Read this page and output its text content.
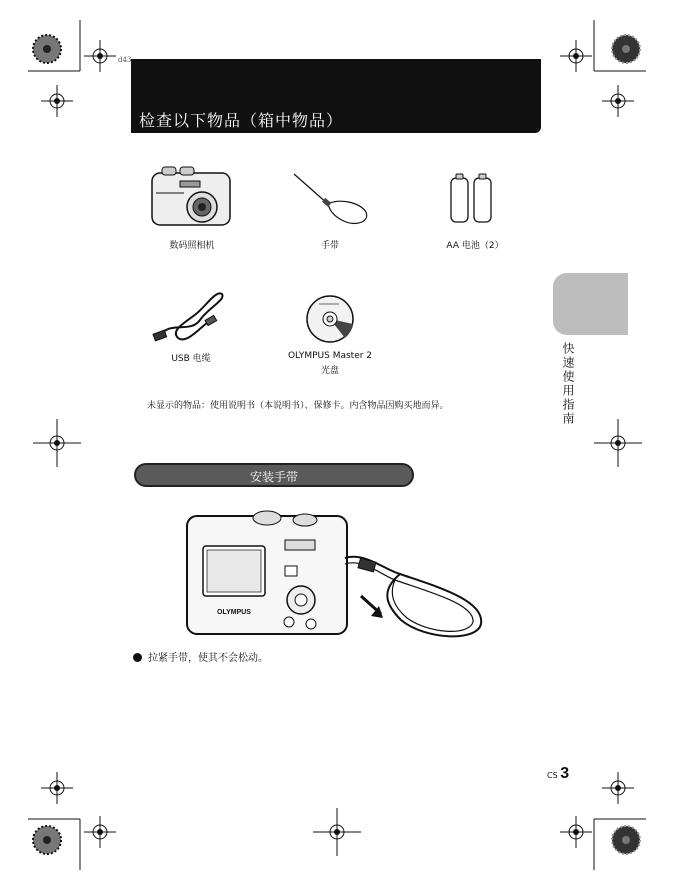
d43
检查以下物品（箱中物品）
数码照相机	手带	AA 电池（2）
USB 电缆	OLYMPUS Master 2
光盘
未显示的物品：使用说明书（本说明书）、保修卡。内含物品因购买地而异。	快速使用指南
安装手带
OLYMPUS
拉紧手带，使其不会松动。
CS 3
